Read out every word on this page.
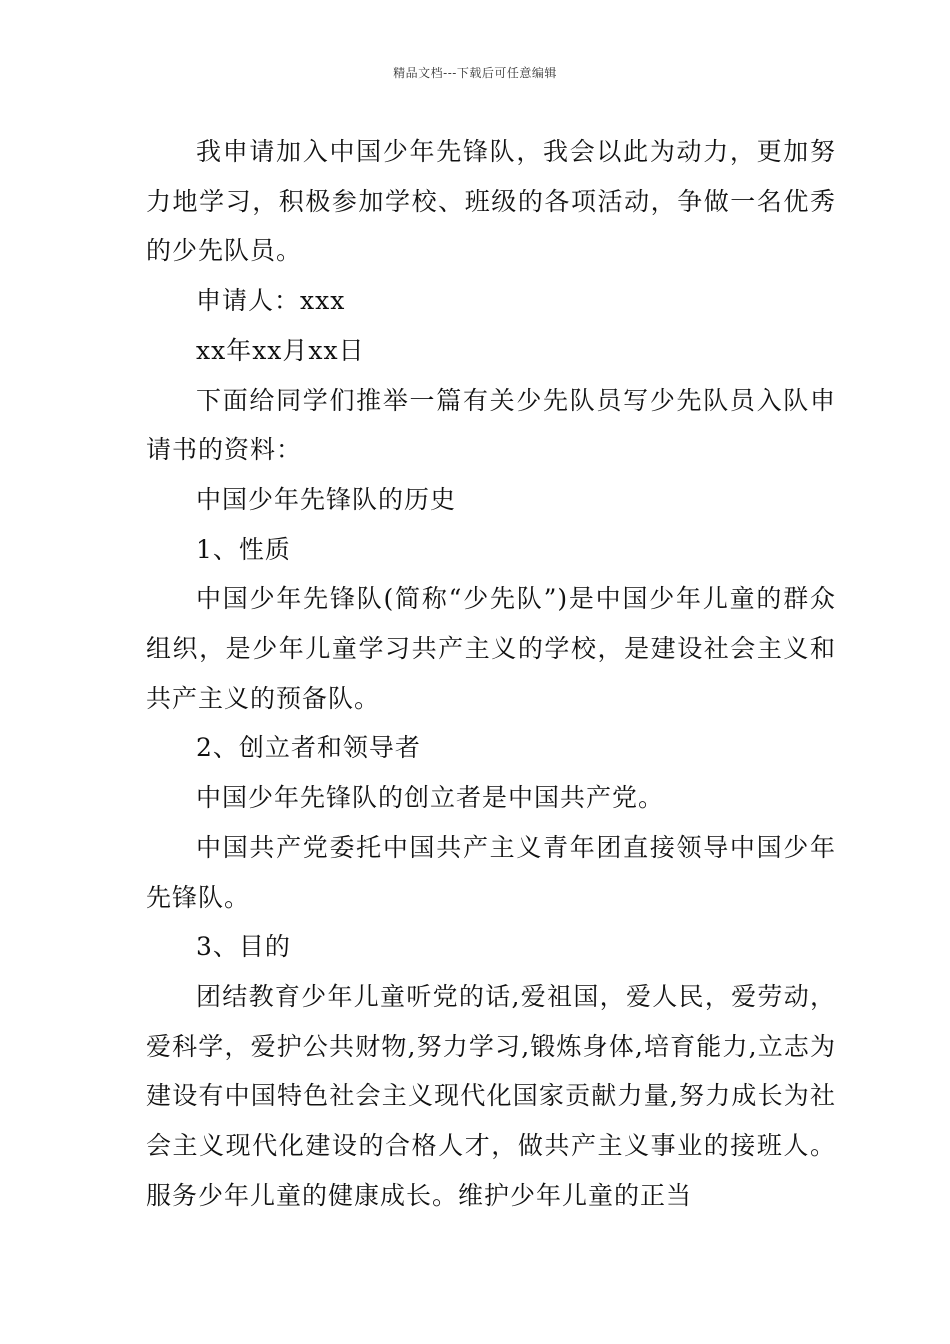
精品文档---下载后可任意编辑

我申请加入中国少年先锋队，我会以此为动力，更加努力地学习，积极参加学校、班级的各项活动，争做一名优秀的少先队员。

申请人：xxx

xx年xx月xx日

下面给同学们推举一篇有关少先队员写少先队员入队申请书的资料：

中国少年先锋队的历史

1、性质

中国少年先锋队(简称“少先队”)是中国少年儿童的群众组织，是少年儿童学习共产主义的学校，是建设社会主义和共产主义的预备队。

2、创立者和领导者

中国少年先锋队的创立者是中国共产党。

中国共产党委托中国共产主义青年团直接领导中国少年先锋队。

3、目的

团结教育少年儿童听党的话,爱祖国，爱人民，爱劳动， 爱科学，爱护公共财物,努力学习,锻炼身体,培育能力,立志为建设有中国特色社会主义现代化国家贡献力量,努力成长为社会主义现代化建设的合格人才，做共产主义事业的接班人。服务少年儿童的健康成长。维护少年儿童的正当
